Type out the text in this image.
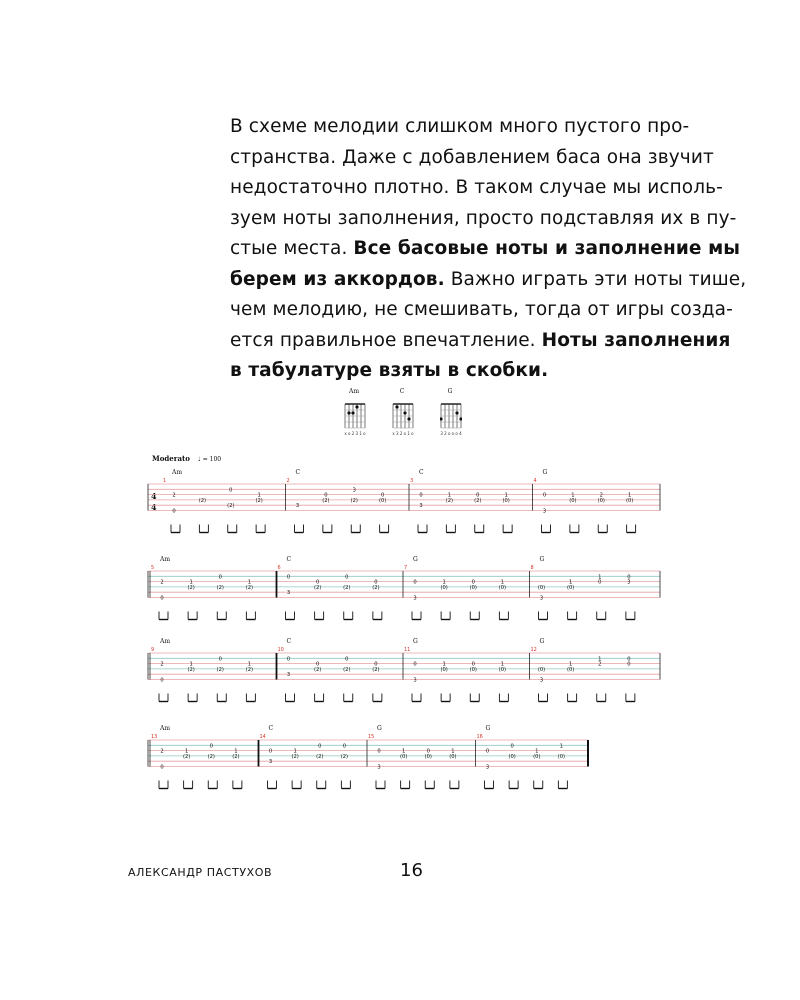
В схеме мелодии слишком много пустого про-
странства. Даже с добавлением баса она звучит
недостаточно плотно. В таком случае мы исполь-
зуем ноты заполнения, просто подставляя их в пу-
стые места. Все басовые ноты и заполнение мы
берем из аккордов. Важно играть эти ноты тише,
чем мелодию, не смешивать, тогда от игры созда-
ется правильное впечатление. Ноты заполнения
в табулатуре взяты в скобки.
Am
x o 2 3 1 o
C
x 3 2 o 1 o
G
3 2 o o o 4
Moderato ♩ = 100
4
4
1
Am
0
2
(2)
0
(2)
1
(2)
2
C
3
(2)
0
3
(2)
0
(0)
3
C
3
0
(2)
1	0
(2)	(0)
1
4
G
3
0
(0)
1
(0)
2
(0)
1
5
Am
0
2
(2)
1
0
(2)
1
(2)
6
C
3
0
(2)
0
0
(2)
0
(2)
7
G
3
0
(0)
1	0
(0)	(0)
1
8
G
3
(0)	(0)
1
1
0
0
3
9
Am
0
2
(2)
1
0
(2)
1
(2)
10
C
3
0
(2)
0
0
(2)
0
(2)
11
G
3
0
(0)
1	0
(0)	(0)
1
12
G
3
(0)	(0)
1
1
2
0
0
13
Am
0
2
(2)
1
0
(2)	(2)
1
14
C
3
0
(2)
1
0
(2)
0
(2)
15
G
3
0
(0)
1	0
(0)	(0)
1
16
G
3
0
(0)
0
1
(0)	(0)
1
АЛЕКСАНДР ПАСТУХОВ	16
